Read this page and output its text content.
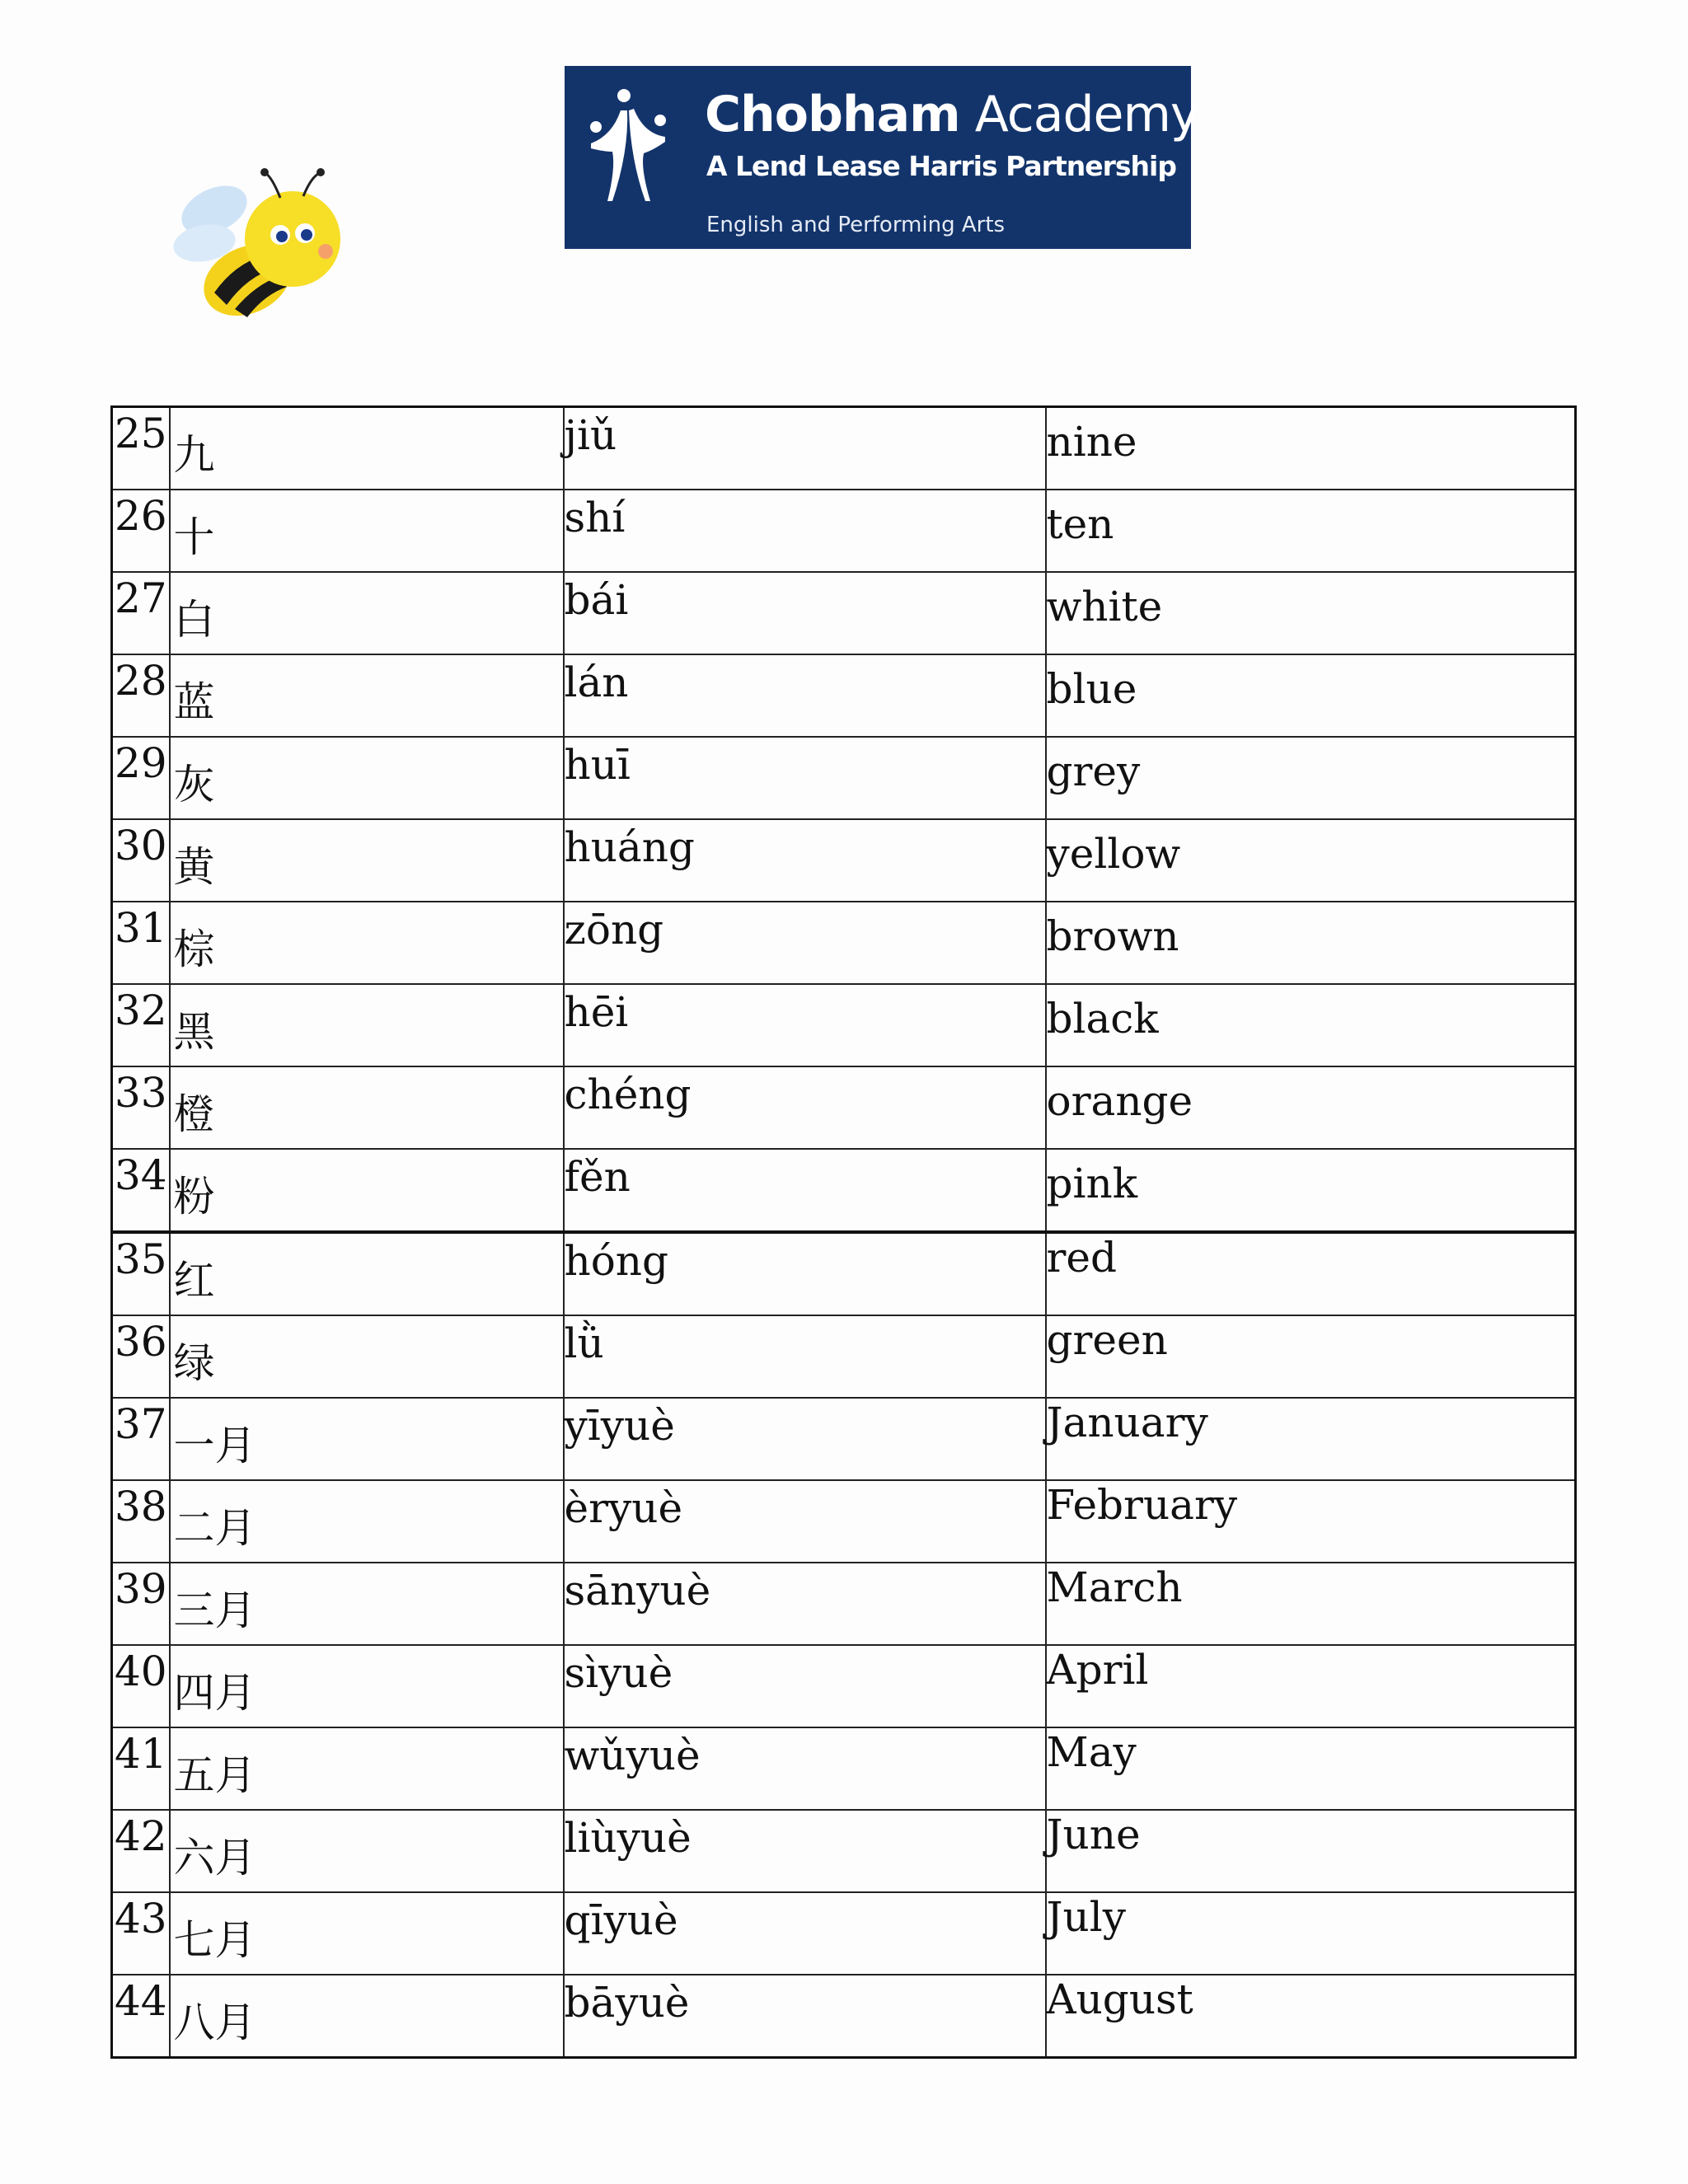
Chobham Academy
A Lend Lease Harris Partnership
English and Performing Arts
25	九	jiǔ	nine

26	十	shí	ten

27	白	bái	white

28	蓝	lán	blue

29	灰	huī	grey

30	黄	huáng	yellow

31	棕	zōng	brown

32	黑	hēi	black

33	橙	chéng	orange

34	粉	fěn	pink

35	红	hóng	red

36	绿	lǜ	green

37	一月	yīyuè	January

38	二月	èryuè	February

39	三月	sānyuè	March

40	四月	sìyuè	April

41	五月	wǔyuè	May

42	六月	liùyuè	June

43	七月	qīyuè	July

44	八月	bāyuè	August
